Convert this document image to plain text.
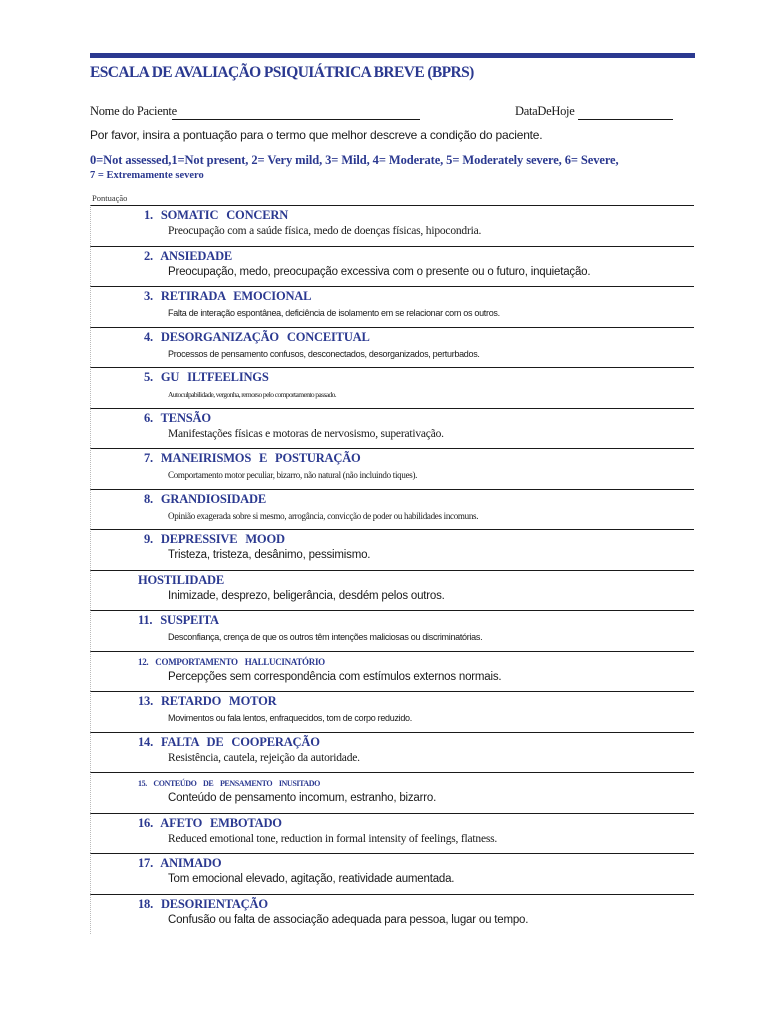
ESCALA DE AVALIAÇÃO PSIQUIÁTRICA BREVE (BPRS)
Nome do Paciente	DataDeHoje
Por favor, insira a pontuação para o termo que melhor descreve a condição do paciente.
0=Not assessed,1=Not present, 2= Very mild, 3= Mild, 4= Moderate, 5= Moderately severe, 6= Severe,
7 = Extremamente severo
Pontuação
1. SOMATIC CONCERN
Preocupação com a saúde física, medo de doenças físicas, hipocondria.
2. ANSIEDADE
Preocupação, medo, preocupação excessiva com o presente ou o futuro, inquietação.
3. RETIRADA EMOCIONAL
Falta de interação espontânea, deficiência de isolamento em se relacionar com os outros.
4. DESORGANIZAÇÃO CONCEITUAL
Processos de pensamento confusos, desconectados, desorganizados, perturbados.
5. GU ILTFEELINGS
Autoculpabilidade, vergonha, remorso pelo comportamento passado.
6. TENSÃO
Manifestações físicas e motoras de nervosismo, superativação.
7. MANEIRISMOS E POSTURAÇÃO
Comportamento motor peculiar, bizarro, não natural (não incluindo tiques).
8. GRANDIOSIDADE
Opinião exagerada sobre si mesmo, arrogância, convicção de poder ou habilidades incomuns.
9. DEPRESSIVE MOOD
Tristeza, tristeza, desânimo, pessimismo.
HOSTILIDADE
Inimizade, desprezo, beligerância, desdém pelos outros.
11. SUSPEITA
Desconfiança, crença de que os outros têm intenções maliciosas ou discriminatórias.
12. COMPORTAMENTO HALLUCINATÓRIO
Percepções sem correspondência com estímulos externos normais.
13. RETARDO MOTOR
Movimentos ou fala lentos, enfraquecidos, tom de corpo reduzido.
14. FALTA DE COOPERAÇÃO
Resistência, cautela, rejeição da autoridade.
15. CONTEÚDO DE PENSAMENTO INUSITADO
Conteúdo de pensamento incomum, estranho, bizarro.
16. AFETO EMBOTADO
Reduced emotional tone, reduction in formal intensity of feelings, flatness.
17. ANIMADO
Tom emocional elevado, agitação, reatividade aumentada.
18. DESORIENTAÇÃO
Confusão ou falta de associação adequada para pessoa, lugar ou tempo.
